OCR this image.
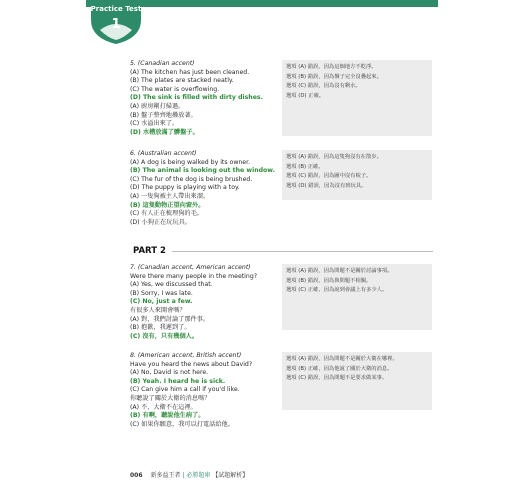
Practice Test
1
5. (Canadian accent)
(A) The kitchen has just been cleaned.
(B) The plates are stacked neatly.
(C) The water is overflowing.
(D) The sink is filled with dirty dishes.
(A) 廚房剛打掃過。
(B) 盤子整齊地疊放著。
(C) 水溢出來了。
(D) 水槽放滿了髒盤子。
選項 (A) 錯誤，因為這個地方不乾淨。
選項 (B) 錯誤，因為盤子完全沒疊起來。
選項 (C) 錯誤，因為沒有剩水。
選項 (D) 正確。
6. (Australian accent)
(A) A dog is being walked by its owner.
(B) The animal is looking out the window.
(C) The fur of the dog is being brushed.
(D) The puppy is playing with a toy.
(A) 一隻狗被主人帶出來溜。
(B) 這隻動物正望向窗外。
(C) 有人正在梳理狗的毛。
(D) 小狗正在玩玩具。
選項 (A) 錯誤，因為這隻狗沒有在散步。
選項 (B) 正確。
選項 (C) 錯誤，因為圖中沒有梳子。
選項 (D) 錯誤，因為沒有到玩具。
PART 2
7. (Canadian accent, American accent)
Were there many people in the meeting?
(A) Yes, we discussed that.
(B) Sorry, I was late.
(C) No, just a few.
有很多人來開會嗎？
(A) 對，我們討論了那件事。
(B) 抱歉，我遲到了。
(C) 沒有，只有幾個人。
選項 (A) 錯誤，因為問題不是關於討論事項。
選項 (B) 錯誤，因為與問題不相關。
選項 (C) 正確，因為說到會議上有多少人。
8. (American accent, British accent)
Have you heard the news about David?
(A) No, David is not here.
(B) Yeah. I heard he is sick.
(C) Can give him a call if you'd like.
你聽說了關於大衛的消息嗎？
(A) 不，大衛不在這裡。
(B) 有啊，聽說他生病了。
(C) 如果你願意，我可以打電話給他。
選項 (A) 錯誤，因為問題不是關於大衛在哪裡。
選項 (B) 正確，因為他說了關於大衛的消息。
選項 (C) 錯誤，因為問題不是要求做某事。
006 新多益王者 | 必勝題庫 【試題解析】
